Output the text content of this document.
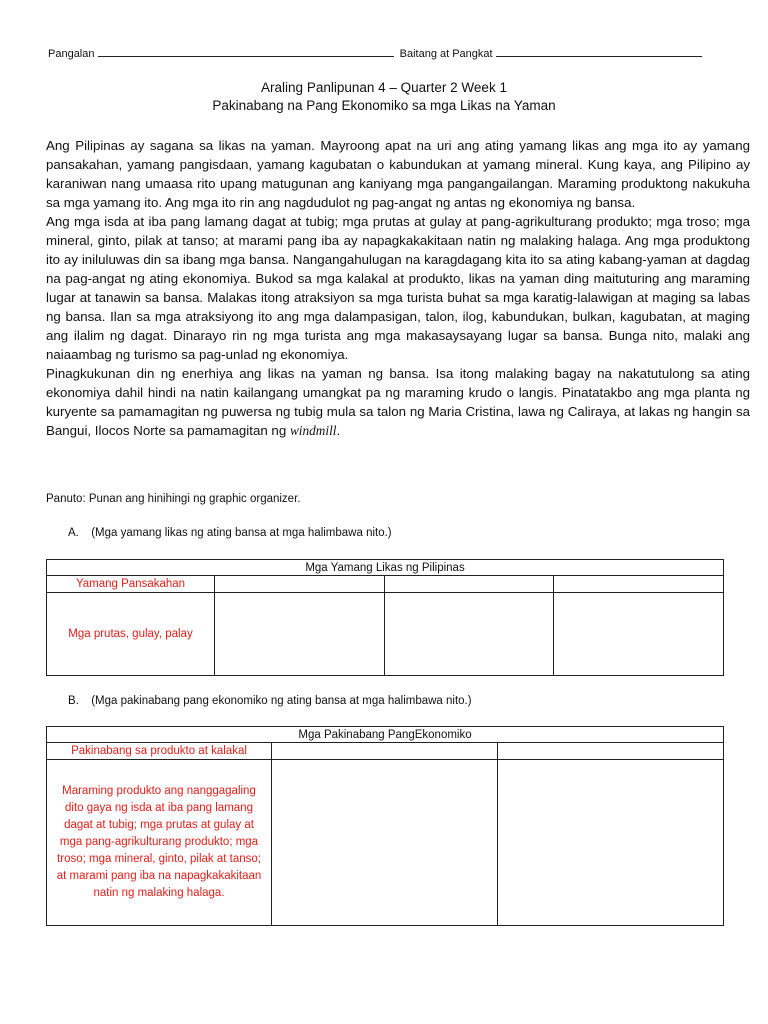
Pangalan	Baitang at Pangkat
Araling Panlipunan 4 – Quarter 2 Week 1
Pakinabang na Pang Ekonomiko sa mga Likas na Yaman

Ang Pilipinas ay sagana sa likas na yaman. Mayroong apat na uri ang ating yamang likas ang mga ito ay yamang pansakahan, yamang pangisdaan, yamang kagubatan o kabundukan at yamang mineral. Kung kaya, ang Pilipino ay karaniwan nang umaasa rito upang matugunan ang kaniyang mga pangangailangan. Maraming produktong nakukuha sa mga yamang ito. Ang mga ito rin ang nagdudulot ng pag-angat ng antas ng ekonomiya ng bansa.

Ang mga isda at iba pang lamang dagat at tubig; mga prutas at gulay at pang-agrikulturang produkto; mga troso; mga mineral, ginto, pilak at tanso; at marami pang iba ay napagkakakitaan natin ng malaking halaga. Ang mga produktong ito ay iniluluwas din sa ibang mga bansa. Nangangahulugan na karagdagang kita ito sa ating kabang-yaman at dagdag na pag-angat ng ating ekonomiya. Bukod sa mga kalakal at produkto, likas na yaman ding maituturing ang maraming lugar at tanawin sa bansa. Malakas itong atraksiyon sa mga turista buhat sa mga karatig-lalawigan at maging sa labas ng bansa. Ilan sa mga atraksiyong ito ang mga dalampasigan, talon, ilog, kabundukan, bulkan, kagubatan, at maging ang ilalim ng dagat. Dinarayo rin ng mga turista ang mga makasaysayang lugar sa bansa. Bunga nito, malaki ang naiaambag ng turismo sa pag-unlad ng ekonomiya.

Pinagkukunan din ng enerhiya ang likas na yaman ng bansa. Isa itong malaking bagay na nakatutulong sa ating ekonomiya dahil hindi na natin kailangang umangkat pa ng maraming krudo o langis. Pinatatakbo ang mga planta ng kuryente sa pamamagitan ng puwersa ng tubig mula sa talon ng Maria Cristina, lawa ng Caliraya, at lakas ng hangin sa Bangui, Ilocos Norte sa pamamagitan ng windmill.

Panuto: Punan ang hinihingi ng graphic organizer.
A. (Mga yamang likas ng ating bansa at mga halimbawa nito.)
Mga Yamang Likas ng Pilipinas			
Yamang Pansakahan			
Mga prutas, gulay, palay			
B. (Mga pakinabang pang ekonomiko ng ating bansa at mga halimbawa nito.)
Mga Pakinabang PangEkonomiko		
Pakinabang sa produkto at kalakal		
Maraming produkto ang nanggagaling dito gaya ng isda at iba pang lamang dagat at tubig; mga prutas at gulay at mga pang-agrikulturang produkto; mga troso; mga mineral, ginto, pilak at tanso; at marami pang iba na napagkakakitaan natin ng malaking halaga.		
